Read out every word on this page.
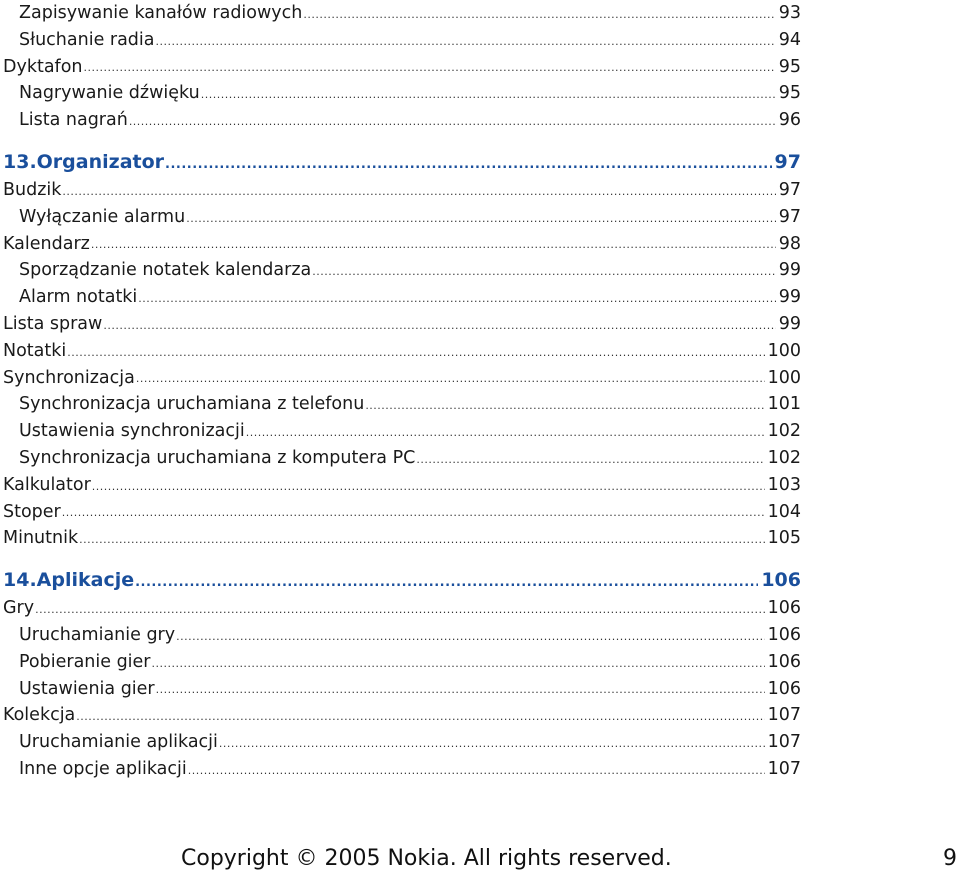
Zapisywanie kanałów radiowych .....	93
Słuchanie radia .....	94
Dyktafon .....	95
Nagrywanie dźwięku .....	95
Lista nagrań .....	96
13.Organizator .....	97
Budzik .....	97
Wyłączanie alarmu .....	97
Kalendarz .....	98
Sporządzanie notatek kalendarza .....	99
Alarm notatki .....	99
Lista spraw .....	99
Notatki .....	100
Synchronizacja .....	100
Synchronizacja uruchamiana z telefonu .....	101
Ustawienia synchronizacji .....	102
Synchronizacja uruchamiana z komputera PC .....	102
Kalkulator .....	103
Stoper .....	104
Minutnik .....	105
14.Aplikacje .....	106
Gry .....	106
Uruchamianie gry .....	106
Pobieranie gier .....	106
Ustawienia gier .....	106
Kolekcja .....	107
Uruchamianie aplikacji .....	107
Inne opcje aplikacji .....	107
Copyright © 2005 Nokia. All rights reserved.	9
